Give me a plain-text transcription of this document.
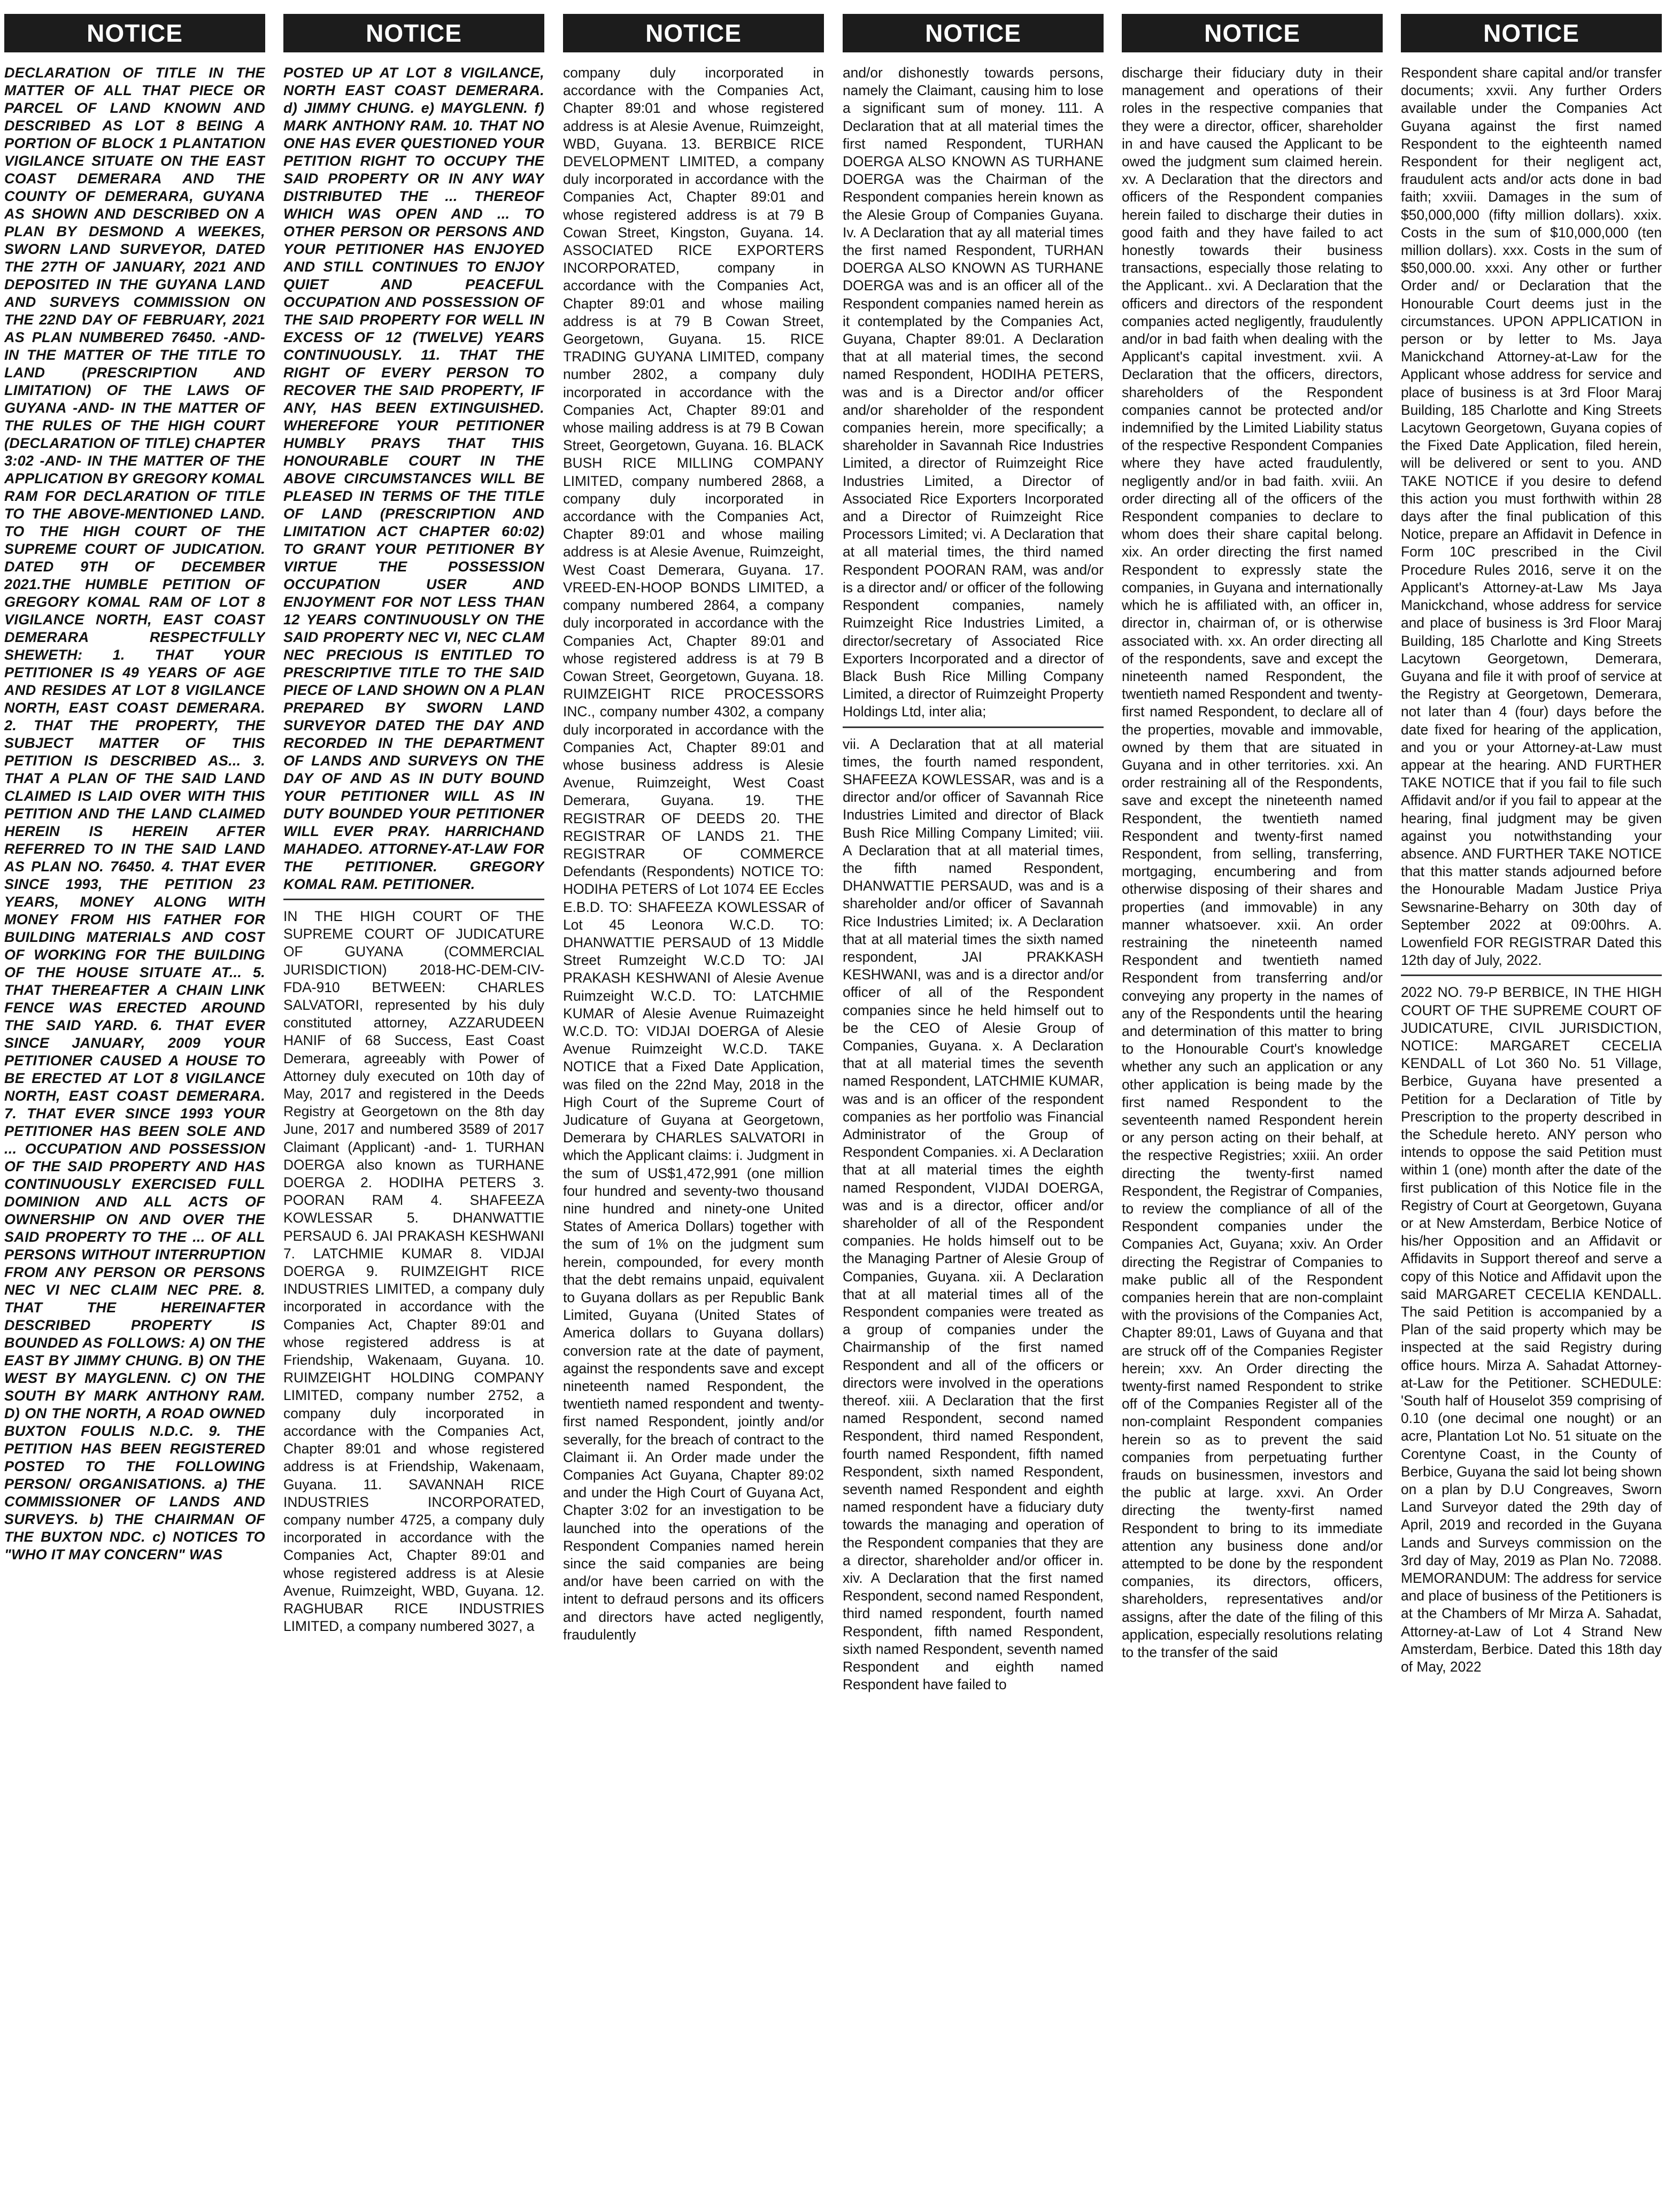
NOTICE

DECLARATION OF TITLE IN THE MATTER OF ALL THAT PIECE OR PARCEL OF LAND KNOWN AND DESCRIBED AS LOT 8 BEING A PORTION OF BLOCK 1 PLANTATION VIGILANCE SITUATE ON THE EAST COAST DEMERARA AND THE COUNTY OF DEMERARA, GUYANA AS SHOWN AND DESCRIBED ON A PLAN BY DESMOND A WEEKES, SWORN LAND SURVEYOR, DATED THE 27TH OF JANUARY, 2021 AND DEPOSITED IN THE GUYANA LAND AND SURVEYS COMMISSION ON THE 22ND DAY OF FEBRUARY, 2021 AS PLAN NUMBERED 76450. -AND- IN THE MATTER OF THE TITLE TO LAND (PRESCRIPTION AND LIMITATION) OF THE LAWS OF GUYANA -AND- IN THE MATTER OF THE RULES OF THE HIGH COURT (DECLARATION OF TITLE) CHAPTER 3:02 -AND- IN THE MATTER OF THE APPLICATION BY GREGORY KOMAL RAM FOR DECLARATION OF TITLE TO THE ABOVE-MENTIONED LAND. TO THE HIGH COURT OF THE SUPREME COURT OF JUDICATION. DATED 9TH OF DECEMBER 2021.THE HUMBLE PETITION OF GREGORY KOMAL RAM OF LOT 8 VIGILANCE NORTH, EAST COAST DEMERARA RESPECTFULLY SHEWETH: 1. THAT YOUR PETITIONER IS 49 YEARS OF AGE AND RESIDES AT LOT 8 VIGILANCE NORTH, EAST COAST DEMERARA. 2. THAT THE PROPERTY, THE SUBJECT MATTER OF THIS PETITION IS DESCRIBED AS... 3. THAT A PLAN OF THE SAID LAND CLAIMED IS LAID OVER WITH THIS PETITION AND THE LAND CLAIMED HEREIN IS HEREIN AFTER REFERRED TO IN THE SAID LAND AS PLAN NO. 76450. 4. THAT EVER SINCE 1993, THE PETITION 23 YEARS, MONEY ALONG WITH MONEY FROM HIS FATHER FOR BUILDING MATERIALS AND COST OF WORKING FOR THE BUILDING OF THE HOUSE SITUATE AT... 5. THAT THEREAFTER A CHAIN LINK FENCE WAS ERECTED AROUND THE SAID YARD. 6. THAT EVER SINCE JANUARY, 2009 YOUR PETITIONER CAUSED A HOUSE TO BE ERECTED AT LOT 8 VIGILANCE NORTH, EAST COAST DEMERARA. 7. THAT EVER SINCE 1993 YOUR PETITIONER HAS BEEN SOLE AND ... OCCUPATION AND POSSESSION OF THE SAID PROPERTY AND HAS CONTINUOUSLY EXERCISED FULL DOMINION AND ALL ACTS OF OWNERSHIP ON AND OVER THE SAID PROPERTY TO THE ... OF ALL PERSONS WITHOUT INTERRUPTION FROM ANY PERSON OR PERSONS NEC VI NEC CLAIM NEC PRE. 8. THAT THE HEREINAFTER DESCRIBED PROPERTY IS BOUNDED AS FOLLOWS: A) ON THE EAST BY JIMMY CHUNG. B) ON THE WEST BY MAYGLENN. C) ON THE SOUTH BY MARK ANTHONY RAM. D) ON THE NORTH, A ROAD OWNED BUXTON FOULIS N.D.C. 9. THE PETITION HAS BEEN REGISTERED POSTED TO THE FOLLOWING PERSON/ ORGANISATIONS. a) THE COMMISSIONER OF LANDS AND SURVEYS. b) THE CHAIRMAN OF THE BUXTON NDC. c) NOTICES TO "WHO IT MAY CONCERN" WAS

NOTICE

POSTED UP AT LOT 8 VIGILANCE, NORTH EAST COAST DEMERARA. d) JIMMY CHUNG. e) MAYGLENN. f) MARK ANTHONY RAM. 10. THAT NO ONE HAS EVER QUESTIONED YOUR PETITION RIGHT TO OCCUPY THE SAID PROPERTY OR IN ANY WAY DISTRIBUTED THE ... THEREOF WHICH WAS OPEN AND ... TO OTHER PERSON OR PERSONS AND YOUR PETITIONER HAS ENJOYED AND STILL CONTINUES TO ENJOY QUIET AND PEACEFUL OCCUPATION AND POSSESSION OF THE SAID PROPERTY FOR WELL IN EXCESS OF 12 (TWELVE) YEARS CONTINUOUSLY. 11. THAT THE RIGHT OF EVERY PERSON TO RECOVER THE SAID PROPERTY, IF ANY, HAS BEEN EXTINGUISHED. WHEREFORE YOUR PETITIONER HUMBLY PRAYS THAT THIS HONOURABLE COURT IN THE ABOVE CIRCUMSTANCES WILL BE PLEASED IN TERMS OF THE TITLE OF LAND (PRESCRIPTION AND LIMITATION ACT CHAPTER 60:02) TO GRANT YOUR PETITIONER BY VIRTUE THE POSSESSION OCCUPATION USER AND ENJOYMENT FOR NOT LESS THAN 12 YEARS CONTINUOUSLY ON THE SAID PROPERTY NEC VI, NEC CLAM NEC PRECIOUS IS ENTITLED TO PRESCRIPTIVE TITLE TO THE SAID PIECE OF LAND SHOWN ON A PLAN PREPARED BY SWORN LAND SURVEYOR DATED THE DAY AND RECORDED IN THE DEPARTMENT OF LANDS AND SURVEYS ON THE DAY OF AND AS IN DUTY BOUND YOUR PETITIONER WILL AS IN DUTY BOUNDED YOUR PETITIONER WILL EVER PRAY. HARRICHAND MAHADEO. ATTORNEY-AT-LAW FOR THE PETITIONER. GREGORY KOMAL RAM. PETITIONER.

IN THE HIGH COURT OF THE SUPREME COURT OF JUDICATURE OF GUYANA (COMMERCIAL JURISDICTION) 2018-HC-DEM-CIV-FDA-910 BETWEEN: CHARLES SALVATORI, represented by his duly constituted attorney, AZZARUDEEN HANIF of 68 Success, East Coast Demerara, agreeably with Power of Attorney duly executed on 10th day of May, 2017 and registered in the Deeds Registry at Georgetown on the 8th day June, 2017 and numbered 3589 of 2017 Claimant (Applicant) -and- 1. TURHAN DOERGA also known as TURHANE DOERGA 2. HODIHA PETERS 3. POORAN RAM 4. SHAFEEZA KOWLESSAR 5. DHANWATTIE PERSAUD 6. JAI PRAKASH KESHWANI 7. LATCHMIE KUMAR 8. VIDJAI DOERGA 9. RUIMZEIGHT RICE INDUSTRIES LIMITED, a company duly incorporated in accordance with the Companies Act, Chapter 89:01 and whose registered address is at Friendship, Wakenaam, Guyana. 10. RUIMZEIGHT HOLDING COMPANY LIMITED, company number 2752, a company duly incorporated in accordance with the Companies Act, Chapter 89:01 and whose registered address is at Friendship, Wakenaam, Guyana. 11. SAVANNAH RICE INDUSTRIES INCORPORATED, company number 4725, a company duly incorporated in accordance with the Companies Act, Chapter 89:01 and whose registered address is at Alesie Avenue, Ruimzeight, WBD, Guyana. 12. RAGHUBAR RICE INDUSTRIES LIMITED, a company numbered 3027, a

NOTICE

company duly incorporated in accordance with the Companies Act, Chapter 89:01 and whose registered address is at Alesie Avenue, Ruimzeight, WBD, Guyana. 13. BERBICE RICE DEVELOPMENT LIMITED, a company duly incorporated in accordance with the Companies Act, Chapter 89:01 and whose registered address is at 79 B Cowan Street, Kingston, Guyana. 14. ASSOCIATED RICE EXPORTERS INCORPORATED, company in accordance with the Companies Act, Chapter 89:01 and whose mailing address is at 79 B Cowan Street, Georgetown, Guyana. 15. RICE TRADING GUYANA LIMITED, company number 2802, a company duly incorporated in accordance with the Companies Act, Chapter 89:01 and whose mailing address is at 79 B Cowan Street, Georgetown, Guyana. 16. BLACK BUSH RICE MILLING COMPANY LIMITED, company numbered 2868, a company duly incorporated in accordance with the Companies Act, Chapter 89:01 and whose mailing address is at Alesie Avenue, Ruimzeight, West Coast Demerara, Guyana. 17. VREED-EN-HOOP BONDS LIMITED, a company numbered 2864, a company duly incorporated in accordance with the Companies Act, Chapter 89:01 and whose registered address is at 79 B Cowan Street, Georgetown, Guyana. 18. RUIMZEIGHT RICE PROCESSORS INC., company number 4302, a company duly incorporated in accordance with the Companies Act, Chapter 89:01 and whose business address is Alesie Avenue, Ruimzeight, West Coast Demerara, Guyana. 19. THE REGISTRAR OF DEEDS 20. THE REGISTRAR OF LANDS 21. THE REGISTRAR OF COMMERCE Defendants (Respondents) NOTICE TO: HODIHA PETERS of Lot 1074 EE Eccles E.B.D. TO: SHAFEEZA KOWLESSAR of Lot 45 Leonora W.C.D. TO: DHANWATTIE PERSAUD of 13 Middle Street Rumzeight W.C.D TO: JAI PRAKASH KESHWANI of Alesie Avenue Ruimzeight W.C.D. TO: LATCHMIE KUMAR of Alesie Avenue Ruimazeight W.C.D. TO: VIDJAI DOERGA of Alesie Avenue Ruimzeight W.C.D. TAKE NOTICE that a Fixed Date Application, was filed on the 22nd May, 2018 in the High Court of the Supreme Court of Judicature of Guyana at Georgetown, Demerara by CHARLES SALVATORI in which the Applicant claims: i. Judgment in the sum of US$1,472,991 (one million four hundred and seventy-two thousand nine hundred and ninety-one United States of America Dollars) together with the sum of 1% on the judgment sum herein, compounded, for every month that the debt remains unpaid, equivalent to Guyana dollars as per Republic Bank Limited, Guyana (United States of America dollars to Guyana dollars) conversion rate at the date of payment, against the respondents save and except nineteenth named Respondent, the twentieth named respondent and twenty-first named Respondent, jointly and/or severally, for the breach of contract to the Claimant ii. An Order made under the Companies Act Guyana, Chapter 89:02 and under the High Court of Guyana Act, Chapter 3:02 for an investigation to be launched into the operations of the Respondent Companies named herein since the said companies are being and/or have been carried on with the intent to defraud persons and its officers and directors have acted negligently, fraudulently

NOTICE

and/or dishonestly towards persons, namely the Claimant, causing him to lose a significant sum of money. 111. A Declaration that at all material times the first named Respondent, TURHAN DOERGA ALSO KNOWN AS TURHANE DOERGA was the Chairman of the Respondent companies herein known as the Alesie Group of Companies Guyana. Iv. A Declaration that ay all material times the first named Respondent, TURHAN DOERGA ALSO KNOWN AS TURHANE DOERGA was and is an officer all of the Respondent companies named herein as it contemplated by the Companies Act, Guyana, Chapter 89:01. A Declaration that at all material times, the second named Respondent, HODIHA PETERS, was and is a Director and/or officer and/or shareholder of the respondent companies herein, more specifically; a shareholder in Savannah Rice Industries Limited, a director of Ruimzeight Rice Industries Limited, a Director of Associated Rice Exporters Incorporated and a Director of Ruimzeight Rice Processors Limited; vi. A Declaration that at all material times, the third named Respondent POORAN RAM, was and/or is a director and/ or officer of the following Respondent companies, namely Ruimzeight Rice Industries Limited, a director/secretary of Associated Rice Exporters Incorporated and a director of Black Bush Rice Milling Company Limited, a director of Ruimzeight Property Holdings Ltd, inter alia;

vii. A Declaration that at all material times, the fourth named respondent, SHAFEEZA KOWLESSAR, was and is a director and/or officer of Savannah Rice Industries Limited and director of Black Bush Rice Milling Company Limited; viii. A Declaration that at all material times, the fifth named Respondent, DHANWATTIE PERSAUD, was and is a shareholder and/or officer of Savannah Rice Industries Limited; ix. A Declaration that at all material times the sixth named respondent, JAI PRAKKASH KESHWANI, was and is a director and/or officer of all of the Respondent companies since he held himself out to be the CEO of Alesie Group of Companies, Guyana. x. A Declaration that at all material times the seventh named Respondent, LATCHMIE KUMAR, was and is an officer of the respondent companies as her portfolio was Financial Administrator of the Group of Respondent Companies. xi. A Declaration that at all material times the eighth named Respondent, VIJDAI DOERGA, was and is a director, officer and/or shareholder of all of the Respondent companies. He holds himself out to be the Managing Partner of Alesie Group of Companies, Guyana. xii. A Declaration that at all material times all of the Respondent companies were treated as a group of companies under the Chairmanship of the first named Respondent and all of the officers or directors were involved in the operations thereof. xiii. A Declaration that the first named Respondent, second named Respondent, third named Respondent, fourth named Respondent, fifth named Respondent, sixth named Respondent, seventh named Respondent and eighth named respondent have a fiduciary duty towards the managing and operation of the Respondent companies that they are a director, shareholder and/or officer in. xiv. A Declaration that the first named Respondent, second named Respondent, third named respondent, fourth named Respondent, fifth named Respondent, sixth named Respondent, seventh named Respondent and eighth named Respondent have failed to

NOTICE

discharge their fiduciary duty in their management and operations of their roles in the respective companies that they were a director, officer, shareholder in and have caused the Applicant to be owed the judgment sum claimed herein. xv. A Declaration that the directors and officers of the Respondent companies herein failed to discharge their duties in good faith and they have failed to act honestly towards their business transactions, especially those relating to the Applicant.. xvi. A Declaration that the officers and directors of the respondent companies acted negligently, fraudulently and/or in bad faith when dealing with the Applicant's capital investment. xvii. A Declaration that the officers, directors, shareholders of the Respondent companies cannot be protected and/or indemnified by the Limited Liability status of the respective Respondent Companies where they have acted fraudulently, negligently and/or in bad faith. xviii. An order directing all of the officers of the Respondent companies to declare to whom does their share capital belong. xix. An order directing the first named Respondent to expressly state the companies, in Guyana and internationally which he is affiliated with, an officer in, director in, chairman of, or is otherwise associated with. xx. An order directing all of the respondents, save and except the nineteenth named Respondent, the twentieth named Respondent and twenty-first named Respondent, to declare all of the properties, movable and immovable, owned by them that are situated in Guyana and in other territories. xxi. An order restraining all of the Respondents, save and except the nineteenth named Respondent, the twentieth named Respondent and twenty-first named Respondent, from selling, transferring, mortgaging, encumbering and from otherwise disposing of their shares and properties (and immovable) in any manner whatsoever. xxii. An order restraining the nineteenth named Respondent and twentieth named Respondent from transferring and/or conveying any property in the names of any of the Respondents until the hearing and determination of this matter to bring to the Honourable Court's knowledge whether any such an application or any other application is being made by the first named Respondent to the seventeenth named Respondent herein or any person acting on their behalf, at the respective Registries; xxiii. An order directing the twenty-first named Respondent, the Registrar of Companies, to review the compliance of all of the Respondent companies under the Companies Act, Guyana; xxiv. An Order directing the Registrar of Companies to make public all of the Respondent companies herein that are non-complaint with the provisions of the Companies Act, Chapter 89:01, Laws of Guyana and that are struck off of the Companies Register herein; xxv. An Order directing the twenty-first named Respondent to strike off of the Companies Register all of the non-complaint Respondent companies herein so as to prevent the said companies from perpetuating further frauds on businessmen, investors and the public at large. xxvi. An Order directing the twenty-first named Respondent to bring to its immediate attention any business done and/or attempted to be done by the respondent companies, its directors, officers, shareholders, representatives and/or assigns, after the date of the filing of this application, especially resolutions relating to the transfer of the said

NOTICE

Respondent share capital and/or transfer documents; xxvii. Any further Orders available under the Companies Act Guyana against the first named Respondent to the eighteenth named Respondent for their negligent act, fraudulent acts and/or acts done in bad faith; xxviii. Damages in the sum of $50,000,000 (fifty million dollars). xxix. Costs in the sum of $10,000,000 (ten million dollars). xxx. Costs in the sum of $50,000.00. xxxi. Any other or further Order and/ or Declaration that the Honourable Court deems just in the circumstances. UPON APPLICATION in person or by letter to Ms. Jaya Manickchand Attorney-at-Law for the Applicant whose address for service and place of business is at 3rd Floor Maraj Building, 185 Charlotte and King Streets Lacytown Georgetown, Guyana copies of the Fixed Date Application, filed herein, will be delivered or sent to you. AND TAKE NOTICE if you desire to defend this action you must forthwith within 28 days after the final publication of this Notice, prepare an Affidavit in Defence in Form 10C prescribed in the Civil Procedure Rules 2016, serve it on the Applicant's Attorney-at-Law Ms Jaya Manickchand, whose address for service and place of business is 3rd Floor Maraj Building, 185 Charlotte and King Streets Lacytown Georgetown, Demerara, Guyana and file it with proof of service at the Registry at Georgetown, Demerara, not later than 4 (four) days before the date fixed for hearing of the application, and you or your Attorney-at-Law must appear at the hearing. AND FURTHER TAKE NOTICE that if you fail to file such Affidavit and/or if you fail to appear at the hearing, final judgment may be given against you notwithstanding your absence. AND FURTHER TAKE NOTICE that this matter stands adjourned before the Honourable Madam Justice Priya Sewsnarine-Beharry on 30th day of September 2022 at 09:00hrs. A. Lowenfield FOR REGISTRAR Dated this 12th day of July, 2022.

2022 NO. 79-P BERBICE, IN THE HIGH COURT OF THE SUPREME COURT OF JUDICATURE, CIVIL JURISDICTION, NOTICE: MARGARET CECELIA KENDALL of Lot 360 No. 51 Village, Berbice, Guyana have presented a Petition for a Declaration of Title by Prescription to the property described in the Schedule hereto. ANY person who intends to oppose the said Petition must within 1 (one) month after the date of the first publication of this Notice file in the Registry of Court at Georgetown, Guyana or at New Amsterdam, Berbice Notice of his/her Opposition and an Affidavit or Affidavits in Support thereof and serve a copy of this Notice and Affidavit upon the said MARGARET CECELIA KENDALL. The said Petition is accompanied by a Plan of the said property which may be inspected at the said Registry during office hours. Mirza A. Sahadat Attorney-at-Law for the Petitioner. SCHEDULE: 'South half of Houselot 359 comprising of 0.10 (one decimal one nought) or an acre, Plantation Lot No. 51 situate on the Corentyne Coast, in the County of Berbice, Guyana the said lot being shown on a plan by D.U Congreaves, Sworn Land Surveyor dated the 29th day of April, 2019 and recorded in the Guyana Lands and Surveys commission on the 3rd day of May, 2019 as Plan No. 72088. MEMORANDUM: The address for service and place of business of the Petitioners is at the Chambers of Mr Mirza A. Sahadat, Attorney-at-Law of Lot 4 Strand New Amsterdam, Berbice. Dated this 18th day of May, 2022
